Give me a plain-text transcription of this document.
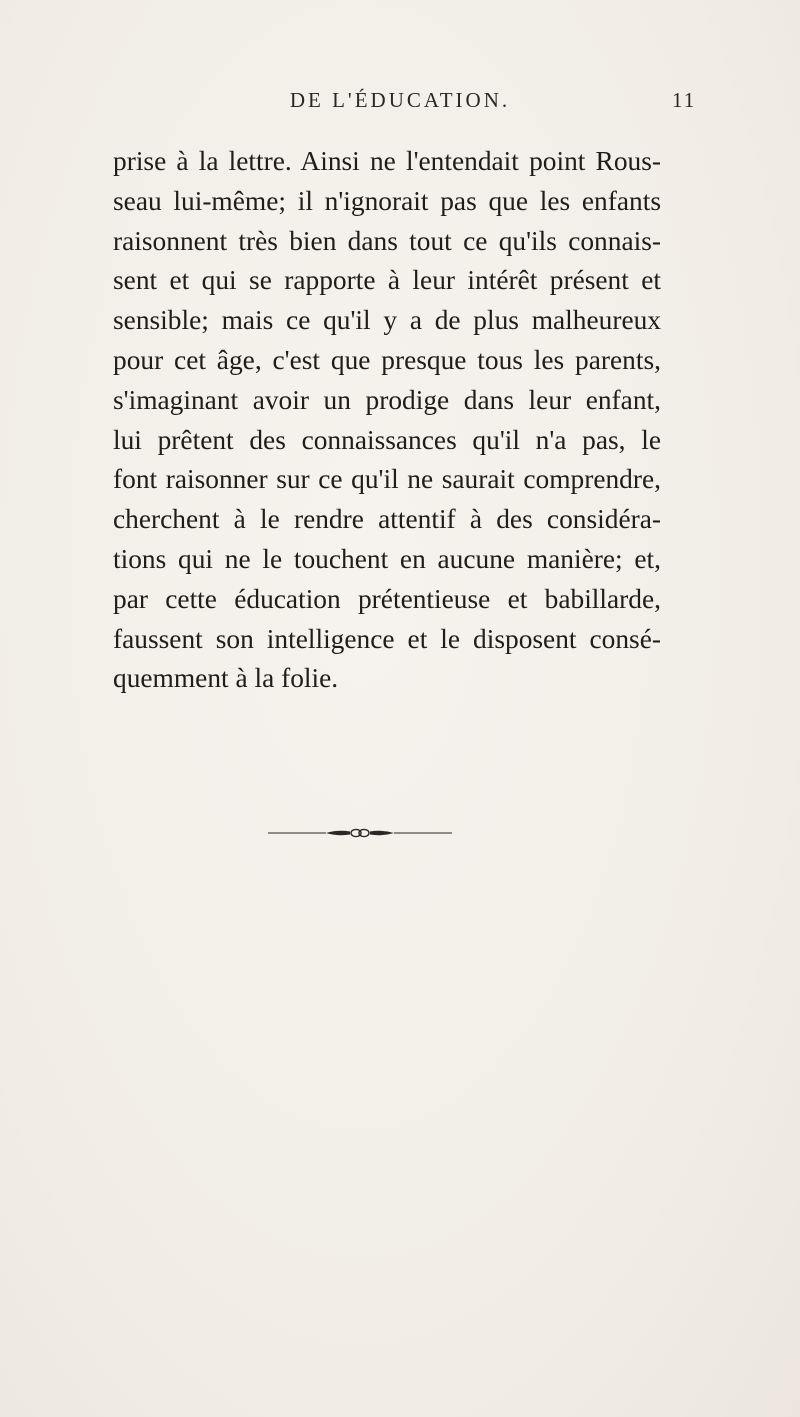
DE L'ÉDUCATION.	11
prise à la lettre. Ainsi ne l'entendait point Rous-
seau lui-même; il n'ignorait pas que les enfants
raisonnent très bien dans tout ce qu'ils connais-
sent et qui se rapporte à leur intérêt présent et
sensible; mais ce qu'il y a de plus malheureux
pour cet âge, c'est que presque tous les parents,
s'imaginant avoir un prodige dans leur enfant,
lui prêtent des connaissances qu'il n'a pas, le
font raisonner sur ce qu'il ne saurait comprendre,
cherchent à le rendre attentif à des considéra-
tions qui ne le touchent en aucune manière; et,
par cette éducation prétentieuse et babillarde,
faussent son intelligence et le disposent consé-
quemment à la folie.
